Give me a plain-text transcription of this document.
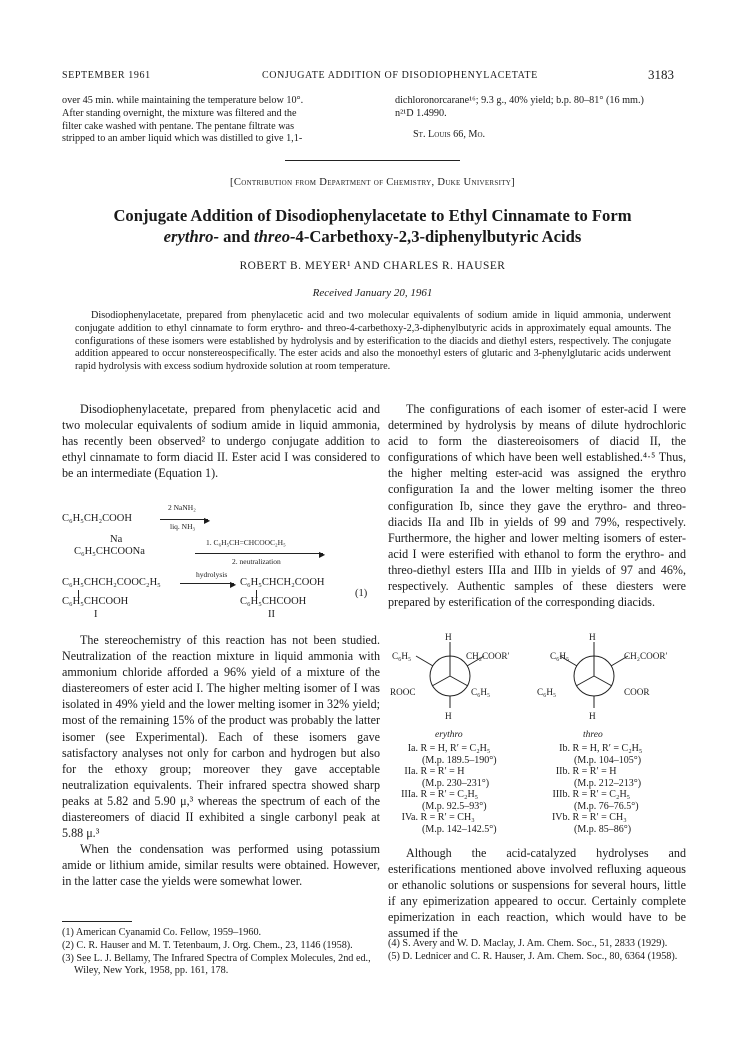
SEPTEMBER 1961	CONJUGATE ADDITION OF DISODIOPHENYLACETATE	3183
over 45 min. while maintaining the temperature below 10°.
After standing overnight, the mixture was filtered and the
filter cake washed with pentane. The pentane filtrate was
stripped to an amber liquid which was distilled to give 1,1-
dichloronorcarane¹⁶; 9.3 g., 40% yield; b.p. 80–81° (16 mm.)
n²¹D 1.4990.
St. Louis 66, Mo.
[Contribution from Department of Chemistry, Duke University]
Conjugate Addition of Disodiophenylacetate to Ethyl Cinnamate to Form
erythro- and threo-4-Carbethoxy-2,3-diphenylbutyric Acids
ROBERT B. MEYER¹ AND CHARLES R. HAUSER
Received January 20, 1961
Disodiophenylacetate, prepared from phenylacetic acid and two molecular equivalents of sodium amide in liquid ammonia, underwent conjugate addition to ethyl cinnamate to form erythro- and threo-4-carbethoxy-2,3-diphenylbutyric acids in approximately equal amounts. The configurations of these isomers were established by hydrolysis and by esterification to the diacids and diethyl esters, respectively. The conjugate addition appeared to occur nonstereospecifically. The ester acids and also the monoethyl esters of glutaric and 3-phenylglutaric acids underwent rapid hydrolysis with excess sodium hydroxide solution at room temperature.

Disodiophenylacetate, prepared from phenylacetic acid and two molecular equivalents of sodium amide in liquid ammonia, has recently been observed² to undergo conjugate addition to ethyl cinnamate to form diacid II. Ester acid I was considered to be an intermediate (Equation 1).

C₆H₅CH₂COOH
2 NaNH₂
▶
liq. NH₃
Na
C₆H₅CHCOONa
1. C₆H₅CH=CHCOOC₂H₅
▶
2. neutralization
C₆H₅CHCH₂COOC₂H₅
C₆H₅CHCOOH
I
hydrolysis
▶ C₆H₅CHCH₂COOH
C₆H₅CHCOOH
II
(1)

The stereochemistry of this reaction has not been studied. Neutralization of the reaction mixture in liquid ammonia with ammonium chloride afforded a 96% yield of a mixture of the diastereomers of ester acid I. The higher melting isomer of I was isolated in 49% yield and the lower melting isomer in 32% yield; most of the remaining 15% of the product was probably the latter isomer (see Experimental). Each of these isomers gave satisfactory analyses not only for carbon and hydrogen but also for the ethoxy group; moreover they gave acceptable neutralization equivalents. Their infrared spectra showed sharp peaks at 5.82 and 5.90 μ,³ whereas the spectrum of each of the diastereomers of diacid II exhibited a single carbonyl peak at 5.88 μ.³

When the condensation was performed using potassium amide or lithium amide, similar results were obtained. However, in the latter case the yields were somewhat lower.

(1) American Cyanamid Co. Fellow, 1959–1960.

(2) C. R. Hauser and M. T. Tetenbaum, J. Org. Chem., 23, 1146 (1958).

(3) See L. J. Bellamy, The Infrared Spectra of Complex Molecules, 2nd ed., Wiley, New York, 1958, pp. 161, 178.

The configurations of each isomer of ester-acid I were determined by hydrolysis by means of dilute hydrochloric acid to form the diastereoisomers of diacid II, the configurations of which have been well established.⁴·⁵ Thus, the higher melting ester-acid was assigned the erythro configuration Ia and the lower melting isomer the threo configuration Ib, since they gave the erythro- and threo-diacids IIa and IIb in yields of 99 and 79%, respectively. Furthermore, the higher and lower melting isomers of ester-acid I were esterified with ethanol to form the erythro- and threo-diethyl esters IIIa and IIIb in yields of 97 and 46%, respectively. Authentic samples of these diesters were prepared by esterification of the corresponding diacids.

H
C₆H₅	CH₂COOR′
ROOC	C₆H₅
H
H
C₆H₅	CH₂COOR′
C₆H₅	COOR
H
erythro	threo
Ia. R = H, R′ = C₂H₅
(M.p. 189.5–190°)
IIa. R = R′ = H
(M.p. 230–231°)
IIIa. R = R′ = C₂H₅
(M.p. 92.5–93°)
IVa. R = R′ = CH₃
(M.p. 142–142.5°)
Ib. R = H, R′ = C₂H₅
(M.p. 104–105°)
IIb. R = R′ = H
(M.p. 212–213°)
IIIb. R = R′ = C₂H₅
(M.p. 76–76.5°)
IVb. R = R′ = CH₃
(M.p. 85–86°)

Although the acid-catalyzed hydrolyses and esterifications mentioned above involved refluxing aqueous or ethanolic solutions or suspensions for several hours, little if any epimerization appeared to occur. Certainly complete epimerization in each reaction, which would have to be assumed if the

(4) S. Avery and W. D. Maclay, J. Am. Chem. Soc., 51, 2833 (1929).

(5) D. Lednicer and C. R. Hauser, J. Am. Chem. Soc., 80, 6364 (1958).
